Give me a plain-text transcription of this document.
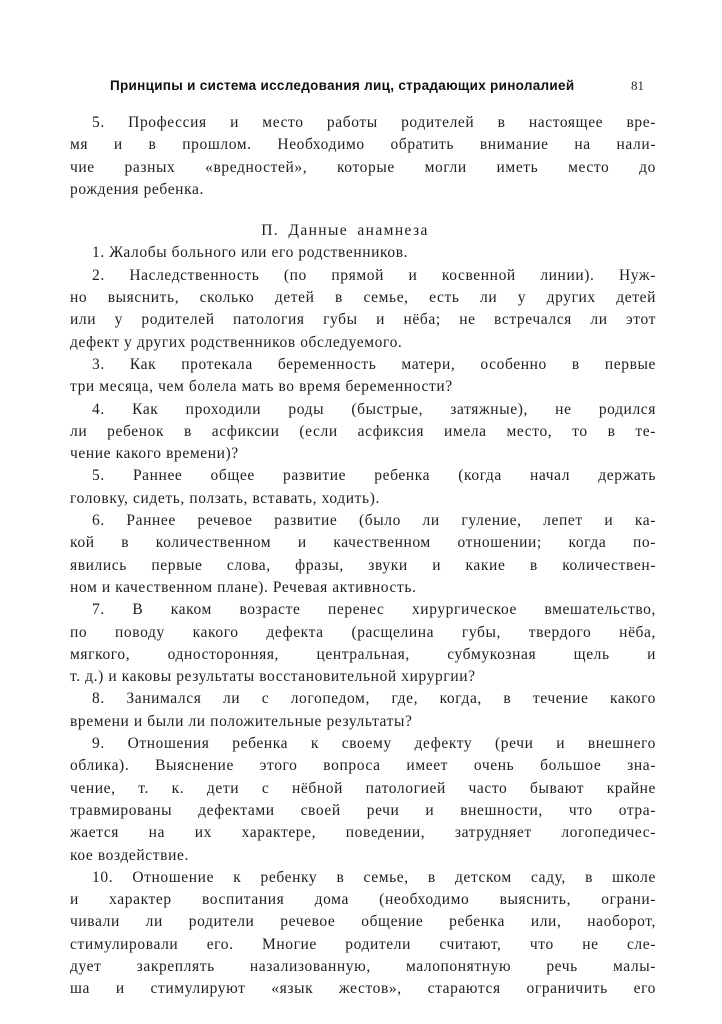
Принципы и система исследования лиц, страдающих ринолалией	81
5. Профессия и место работы родителей в настоящее вре-
мя и в прошлом. Необходимо обратить внимание на нали-
чие разных «вредностей», которые могли иметь место до
рождения ребенка.
П. Данные анамнеза
1. Жалобы больного или его родственников.
2. Наследственность (по прямой и косвенной линии). Нуж-
но выяснить, сколько детей в семье, есть ли у других детей
или у родителей патология губы и нёба; не встречался ли этот
дефект у других родственников обследуемого.
3. Как протекала беременность матери, особенно в первые
три месяца, чем болела мать во время беременности?
4. Как проходили роды (быстрые, затяжные), не родился
ли ребенок в асфиксии (если асфиксия имела место, то в те-
чение какого времени)?
5. Раннее общее развитие ребенка (когда начал держать
головку, сидеть, ползать, вставать, ходить).
6. Раннее речевое развитие (было ли гуление, лепет и ка-
кой в количественном и качественном отношении; когда по-
явились первые слова, фразы, звуки и какие в количествен-
ном и качественном плане). Речевая активность.
7. В каком возрасте перенес хирургическое вмешательство,
по поводу какого дефекта (расщелина губы, твердого нёба,
мягкого, односторонняя, центральная, субмукозная щель и
т. д.) и каковы результаты восстановительной хирургии?
8. Занимался ли с логопедом, где, когда, в течение какого
времени и были ли положительные результаты?
9. Отношения ребенка к своему дефекту (речи и внешнего
облика). Выяснение этого вопроса имеет очень большое зна-
чение, т. к. дети с нёбной патологией часто бывают крайне
травмированы дефектами своей речи и внешности, что отра-
жается на их характере, поведении, затрудняет логопедичес-
кое воздействие.
10. Отношение к ребенку в семье, в детском саду, в школе
и характер воспитания дома (необходимо выяснить, ограни-
чивали ли родители речевое общение ребенка или, наоборот,
стимулировали его. Многие родители считают, что не сле-
дует закреплять назализованную, малопонятную речь малы-
ша и стимулируют «язык жестов», стараются ограничить его
